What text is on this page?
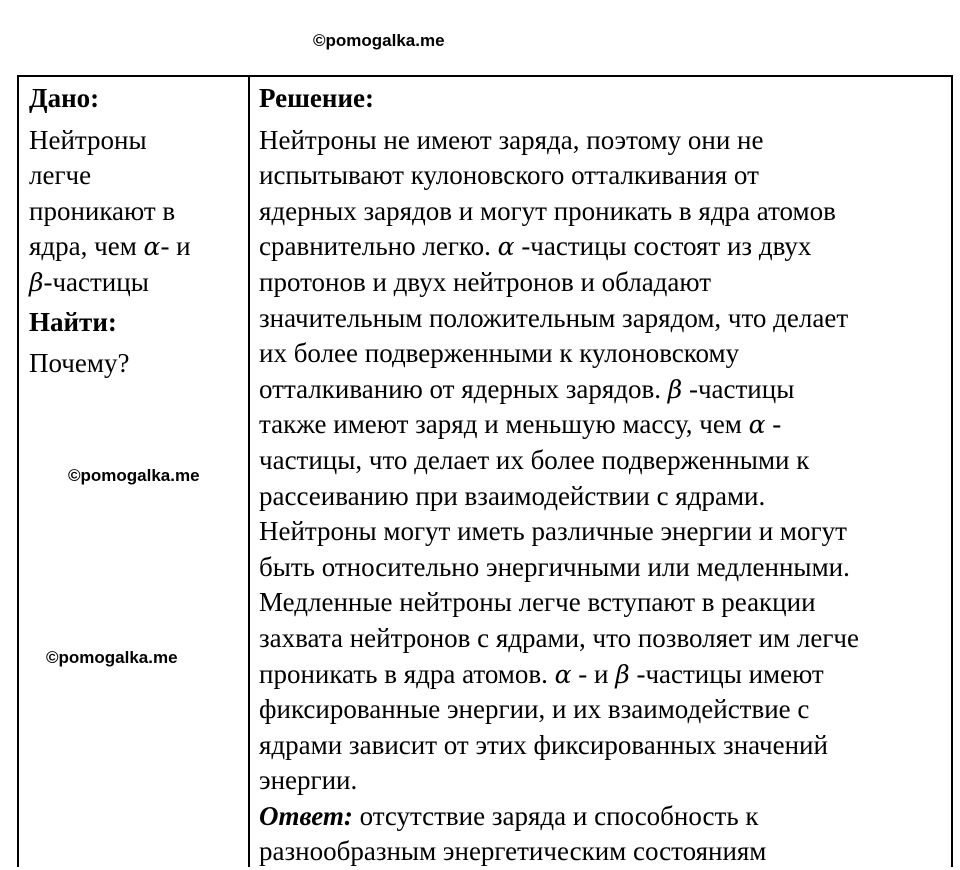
©pomogalka.me
©pomogalka.me
©pomogalka.me

Дано:

Нейтроны
легче
проникают в
ядра, чем α- и
β-частицы

Найти:

Почему?

Решение:

Нейтроны не имеют заряда, поэтому они не
испытывают кулоновского отталкивания от
ядерных зарядов и могут проникать в ядра атомов
сравнительно легко. α -частицы состоят из двух
протонов и двух нейтронов и обладают
значительным положительным зарядом, что делает
их более подверженными к кулоновскому
отталкиванию от ядерных зарядов. β -частицы
также имеют заряд и меньшую массу, чем α -
частицы, что делает их более подверженными к
рассеиванию при взаимодействии с ядрами.
Нейтроны могут иметь различные энергии и могут
быть относительно энергичными или медленными.
Медленные нейтроны легче вступают в реакции
захвата нейтронов с ядрами, что позволяет им легче
проникать в ядра атомов. α - и β -частицы имеют
фиксированные энергии, и их взаимодействие с
ядрами зависит от этих фиксированных значений
энергии.

Ответ: отсутствие заряда и способность к
разнообразным энергетическим состояниям
